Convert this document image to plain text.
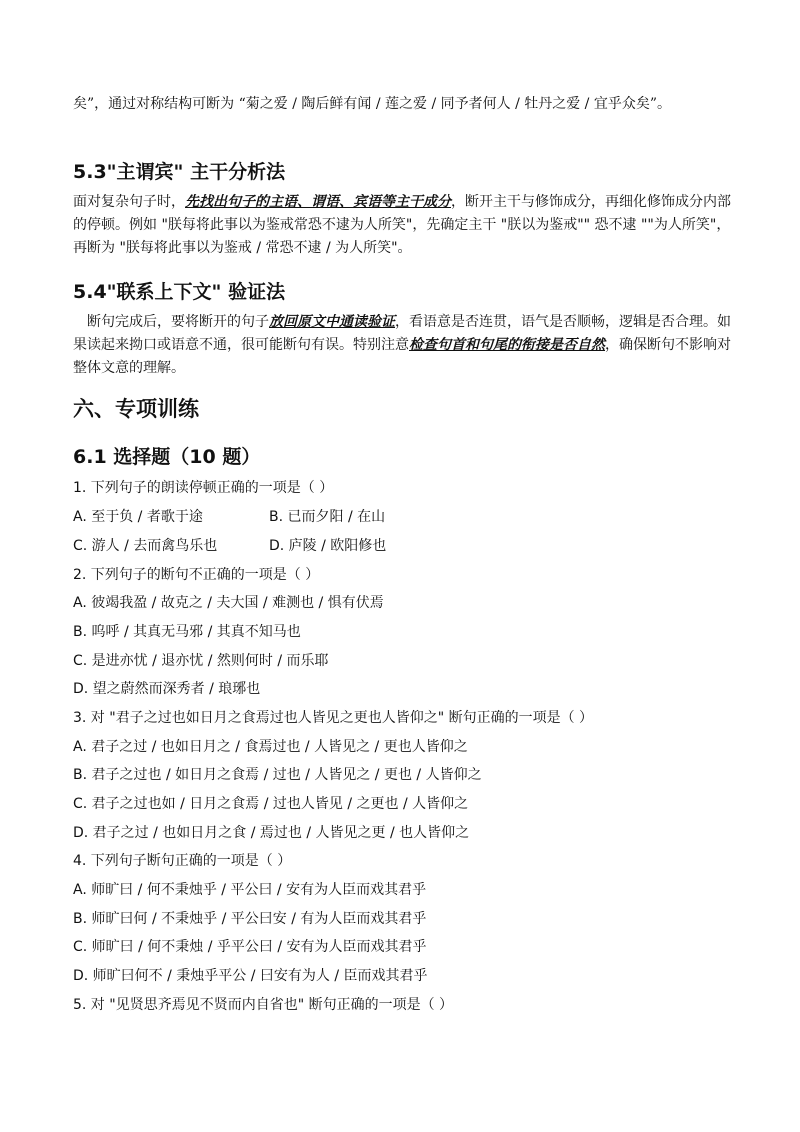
矣”，通过对称结构可断为 “菊之爱 / 陶后鲜有闻 / 莲之爱 / 同予者何人 / 牡丹之爱 / 宜乎众矣”。

5.3"主谓宾" 主干分析法

面对复杂句子时，先找出句子的主语、谓语、宾语等主干成分，断开主干与修饰成分，再细化修饰成分内部的停顿。例如 "朕每将此事以为鉴戒常恐不逮为人所笑"，先确定主干 "朕以为鉴戒"" 恐不逮 ""为人所笑"，再断为 "朕每将此事以为鉴戒 / 常恐不逮 / 为人所笑"。

5.4"联系上下文" 验证法

断句完成后，要将断开的句子放回原文中通读验证，看语意是否连贯，语气是否顺畅，逻辑是否合理。如果读起来拗口或语意不通，很可能断句有误。特别注意检查句首和句尾的衔接是否自然，确保断句不影响对整体文意的理解。

六、专项训练
6.1 选择题（10 题）

1. 下列句子的朗读停顿正确的一项是（ ）

A. 至于负 / 者歌于途	B. 已而夕阳 / 在山

C. 游人 / 去而禽鸟乐也	D. 庐陵 / 欧阳修也

2. 下列句子的断句不正确的一项是（ ）

A. 彼竭我盈 / 故克之 / 夫大国 / 难测也 / 惧有伏焉

B. 呜呼 / 其真无马邪 / 其真不知马也

C. 是进亦忧 / 退亦忧 / 然则何时 / 而乐耶

D. 望之蔚然而深秀者 / 琅琊也

3. 对 "君子之过也如日月之食焉过也人皆见之更也人皆仰之" 断句正确的一项是（ ）

A. 君子之过 / 也如日月之 / 食焉过也 / 人皆见之 / 更也人皆仰之

B. 君子之过也 / 如日月之食焉 / 过也 / 人皆见之 / 更也 / 人皆仰之

C. 君子之过也如 / 日月之食焉 / 过也人皆见 / 之更也 / 人皆仰之

D. 君子之过 / 也如日月之食 / 焉过也 / 人皆见之更 / 也人皆仰之

4. 下列句子断句正确的一项是（ ）

A. 师旷曰 / 何不秉烛乎 / 平公曰 / 安有为人臣而戏其君乎

B. 师旷曰何 / 不秉烛乎 / 平公曰安 / 有为人臣而戏其君乎

C. 师旷曰 / 何不秉烛 / 乎平公曰 / 安有为人臣而戏其君乎

D. 师旷曰何不 / 秉烛乎平公 / 曰安有为人 / 臣而戏其君乎

5. 对 "见贤思齐焉见不贤而内自省也" 断句正确的一项是（ ）
